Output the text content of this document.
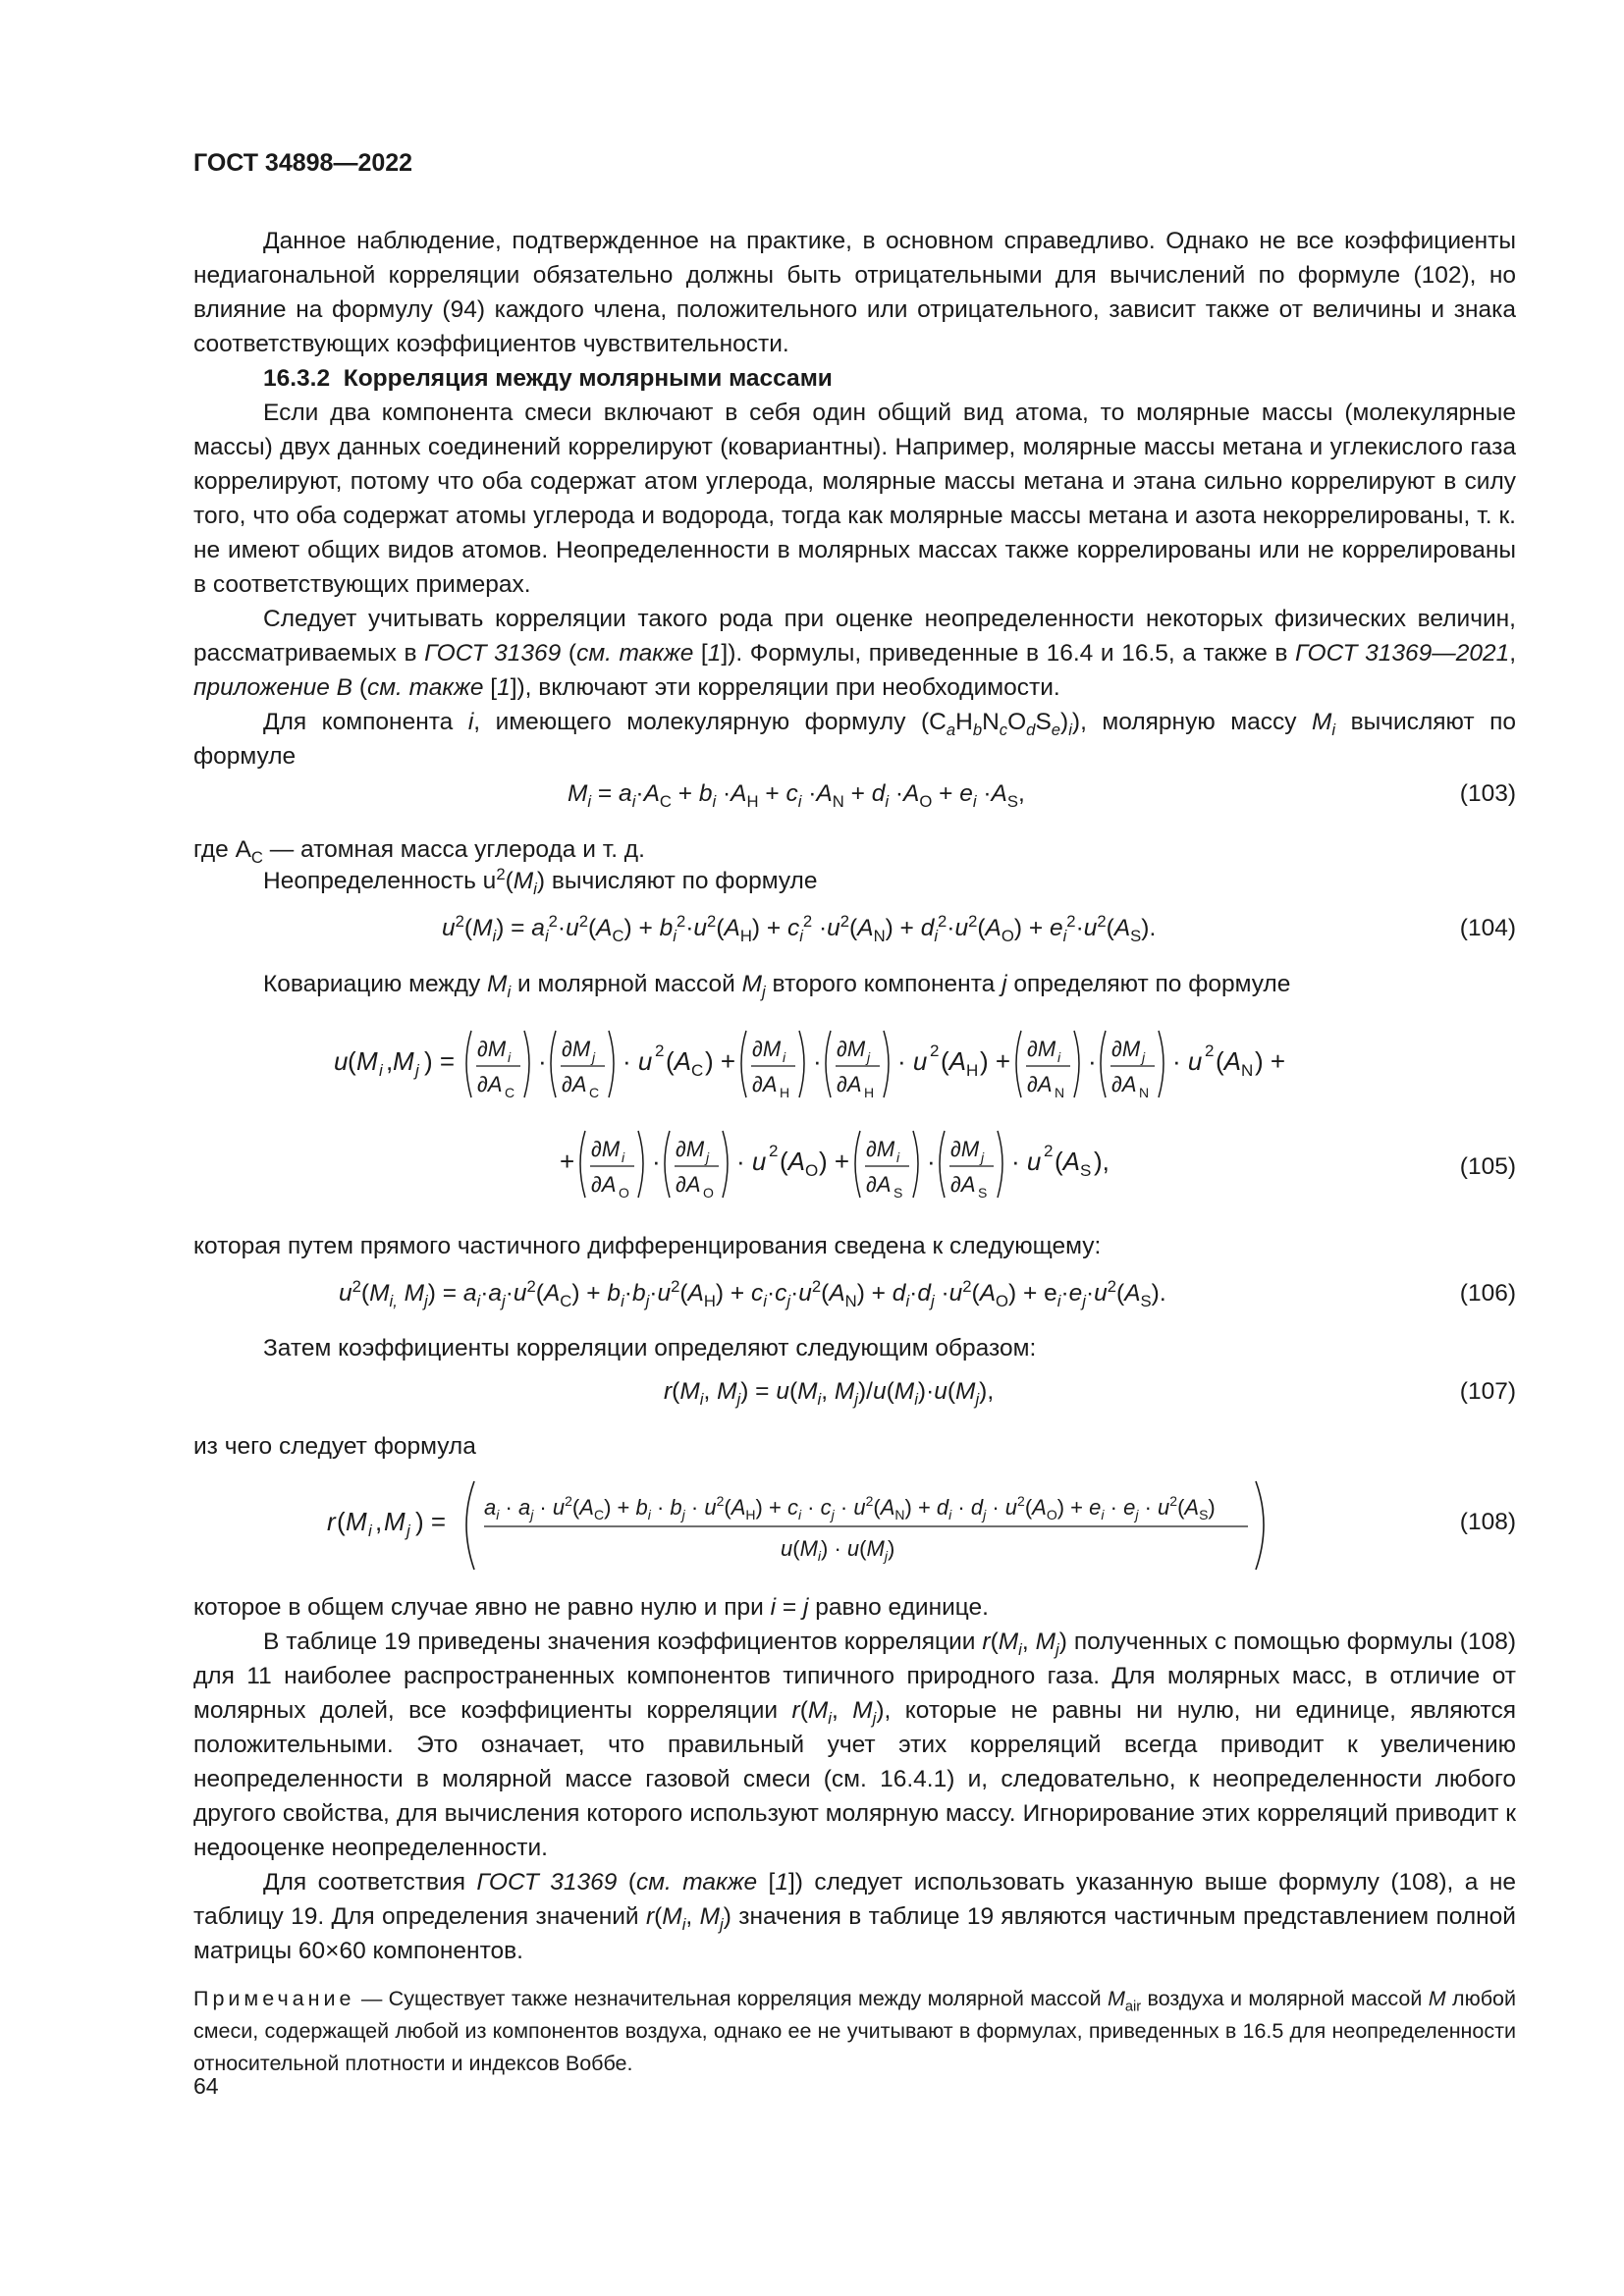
ГОСТ 34898—2022

Данное наблюдение, подтвержденное на практике, в основном справедливо. Однако не все коэффициенты недиагональной корреляции обязательно должны быть отрицательными для вычислений по формуле (102), но влияние на формулу (94) каждого члена, положительного или отрицательного, зависит также от величины и знака соответствующих коэффициентов чувствительности.

16.3.2 Корреляция между молярными массами

Если два компонента смеси включают в себя один общий вид атома, то молярные массы (молекулярные массы) двух данных соединений коррелируют (ковариантны). Например, молярные массы метана и углекислого газа коррелируют, потому что оба содержат атом углерода, молярные массы метана и этана сильно коррелируют в силу того, что оба содержат атомы углерода и водорода, тогда как молярные массы метана и азота некоррелированы, т. к. не имеют общих видов атомов. Неопределенности в молярных массах также коррелированы или не коррелированы в соответствующих примерах.

Следует учитывать корреляции такого рода при оценке неопределенности некоторых физических величин, рассматриваемых в ГОСТ 31369 (см. также [1]). Формулы, приведенные в 16.4 и 16.5, а также в ГОСТ 31369—2021, приложение В (см. также [1]), включают эти корреляции при необходимости.

Для компонента i, имеющего молекулярную формулу $(C_aH_bN_cO_dS_e)_i$), молярную массу $M_i$ вычисляют по формуле

$M_i = a_i\cdot A_C + b_i \cdot A_H + c_i \cdot A_N + d_i \cdot A_O + e_i \cdot A_S$,	(103)
где $A_C$ — атомная масса углерода и т. д.
Неопределенность $u^2(M_i)$ вычисляют по формуле
$u^2(M_i) = a_i^2\cdot u^2(A_C) + b_i^2\cdot u^2(A_H) + c_i^2 \cdot u^2(A_N) + d_i^2\cdot u^2(A_O) + e_i^2\cdot u^2(A_S)$.	(104)
Ковариацию между $M_i$ и молярной массой $M_j$ второго компонента j определяют по формуле
u ( M i , M j ) = ∂M i
∂A C
· ∂M j
∂A C
· u 2 (A C ) + ∂M i
∂A H
· ∂M j
∂A H
· u 2 (A H ) + ∂M i
∂A N
· ∂M j
∂A N
· u 2 (A N ) +
+ ∂M i
∂A O
· ∂M j
∂A O
· u 2 (A O ) + ∂M i
∂A S
· ∂M j
∂A S
· u 2 (A S ),	(105)
которая путем прямого частичного дифференцирования сведена к следующему:
$u^2(M_{i,}$ $M_j) = a_i\cdot a_j\cdot u^2(A_C) + b_i\cdot b_j\cdot u^2(A_H) + c_i\cdot c_j\cdot u^2(A_N) + d_i\cdot d_j \cdot u^2(A_O) + e_i\cdot e_j\cdot u^2(A_S)$.	(106)
Затем коэффициенты корреляции определяют следующим образом:
$r(M_i$, $M_j) = u(M_i$, $M_j)/u(M_i)\cdot u(M_j)$,	(107)
из чего следует формула
r ( M i , M j ) = $a_i \cdot a_j \cdot u^2(A_C) + b_i \cdot b_j \cdot u^2(A_H) + c_i \cdot c_j \cdot u^2(A_N) + d_i \cdot d_j \cdot u^2(A_O) + e_i \cdot e_j \cdot u^2(A_S)$
$u(M_i) \cdot u(M_j)$
(108)

которое в общем случае явно не равно нулю и при i = j равно единице.

В таблице 19 приведены значения коэффициентов корреляции $r(M_i$, $M_j$) полученных с помощью формулы (108) для 11 наиболее распространенных компонентов типичного природного газа. Для молярных масс, в отличие от молярных долей, все коэффициенты корреляции $r(M_i$, $M_j$), которые не равны ни нулю, ни единице, являются положительными. Это означает, что правильный учет этих корреляций всегда приводит к увеличению неопределенности в молярной массе газовой смеси (см. 16.4.1) и, следовательно, к неопределенности любого другого свойства, для вычисления которого используют молярную массу. Игнорирование этих корреляций приводит к недооценке неопределенности.

Для соответствия ГОСТ 31369 (см. также [1]) следует использовать указанную выше формулу (108), а не таблицу 19. Для определения значений $r(M_i$, $M_j$) значения в таблице 19 являются частичным представлением полной матрицы 60×60 компонентов.

Примечание — Существует также незначительная корреляция между молярной массой $M_{air}$ воздуха и молярной массой M любой смеси, содержащей любой из компонентов воздуха, однако ее не учитывают в формулах, приведенных в 16.5 для неопределенности относительной плотности и индексов Воббе.
64
